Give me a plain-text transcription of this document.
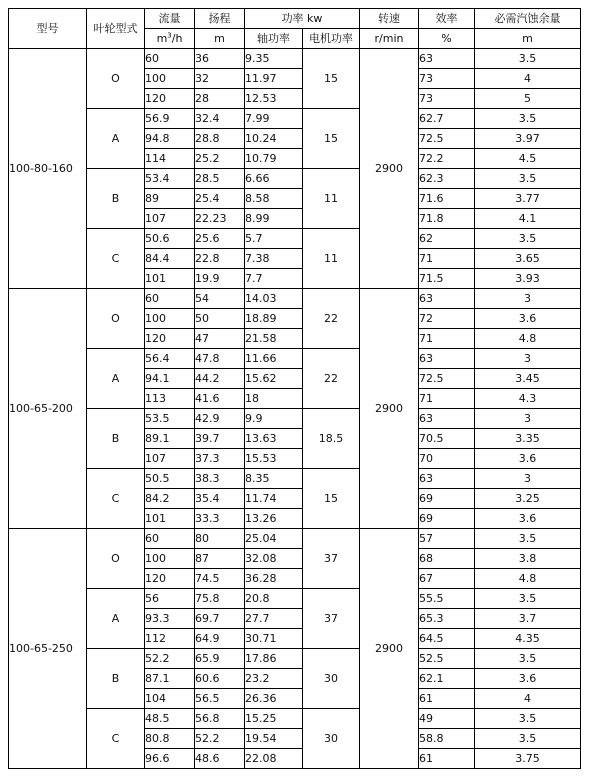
型号	叶轮型式	流量	扬程	功率 kw		转速	效率	必需汽蚀余量
		$m^3/h$	m	轴功率	电机功率	r/min	%	m
100-80-160	O	60	36	9.35	15	2900	63	3.5
		100	32	11.97			73	4
		120	28	12.53			73	5
	A	56.9	32.4	7.99	15		62.7	3.5
		94.8	28.8	10.24			72.5	3.97
		114	25.2	10.79			72.2	4.5
	B	53.4	28.5	6.66	11		62.3	3.5
		89	25.4	8.58			71.6	3.77
		107	22.23	8.99			71.8	4.1
	C	50.6	25.6	5.7	11		62	3.5
		84.4	22.8	7.38			71	3.65
		101	19.9	7.7			71.5	3.93
100-65-200	O	60	54	14.03	22	2900	63	3
		100	50	18.89			72	3.6
		120	47	21.58			71	4.8
	A	56.4	47.8	11.66	22		63	3
		94.1	44.2	15.62			72.5	3.45
		113	41.6	18			71	4.3
	B	53.5	42.9	9.9	18.5		63	3
		89.1	39.7	13.63			70.5	3.35
		107	37.3	15.53			70	3.6
	C	50.5	38.3	8.35	15		63	3
		84.2	35.4	11.74			69	3.25
		101	33.3	13.26			69	3.6
100-65-250	O	60	80	25.04	37	2900	57	3.5
		100	87	32.08			68	3.8
		120	74.5	36.28			67	4.8
	A	56	75.8	20.8	37		55.5	3.5
		93.3	69.7	27.7			65.3	3.7
		112	64.9	30.71			64.5	4.35
	B	52.2	65.9	17.86	30		52.5	3.5
		87.1	60.6	23.2			62.1	3.6
		104	56.5	26.36			61	4
	C	48.5	56.8	15.25	30		49	3.5
		80.8	52.2	19.54			58.8	3.5
		96.6	48.6	22.08			61	3.75
